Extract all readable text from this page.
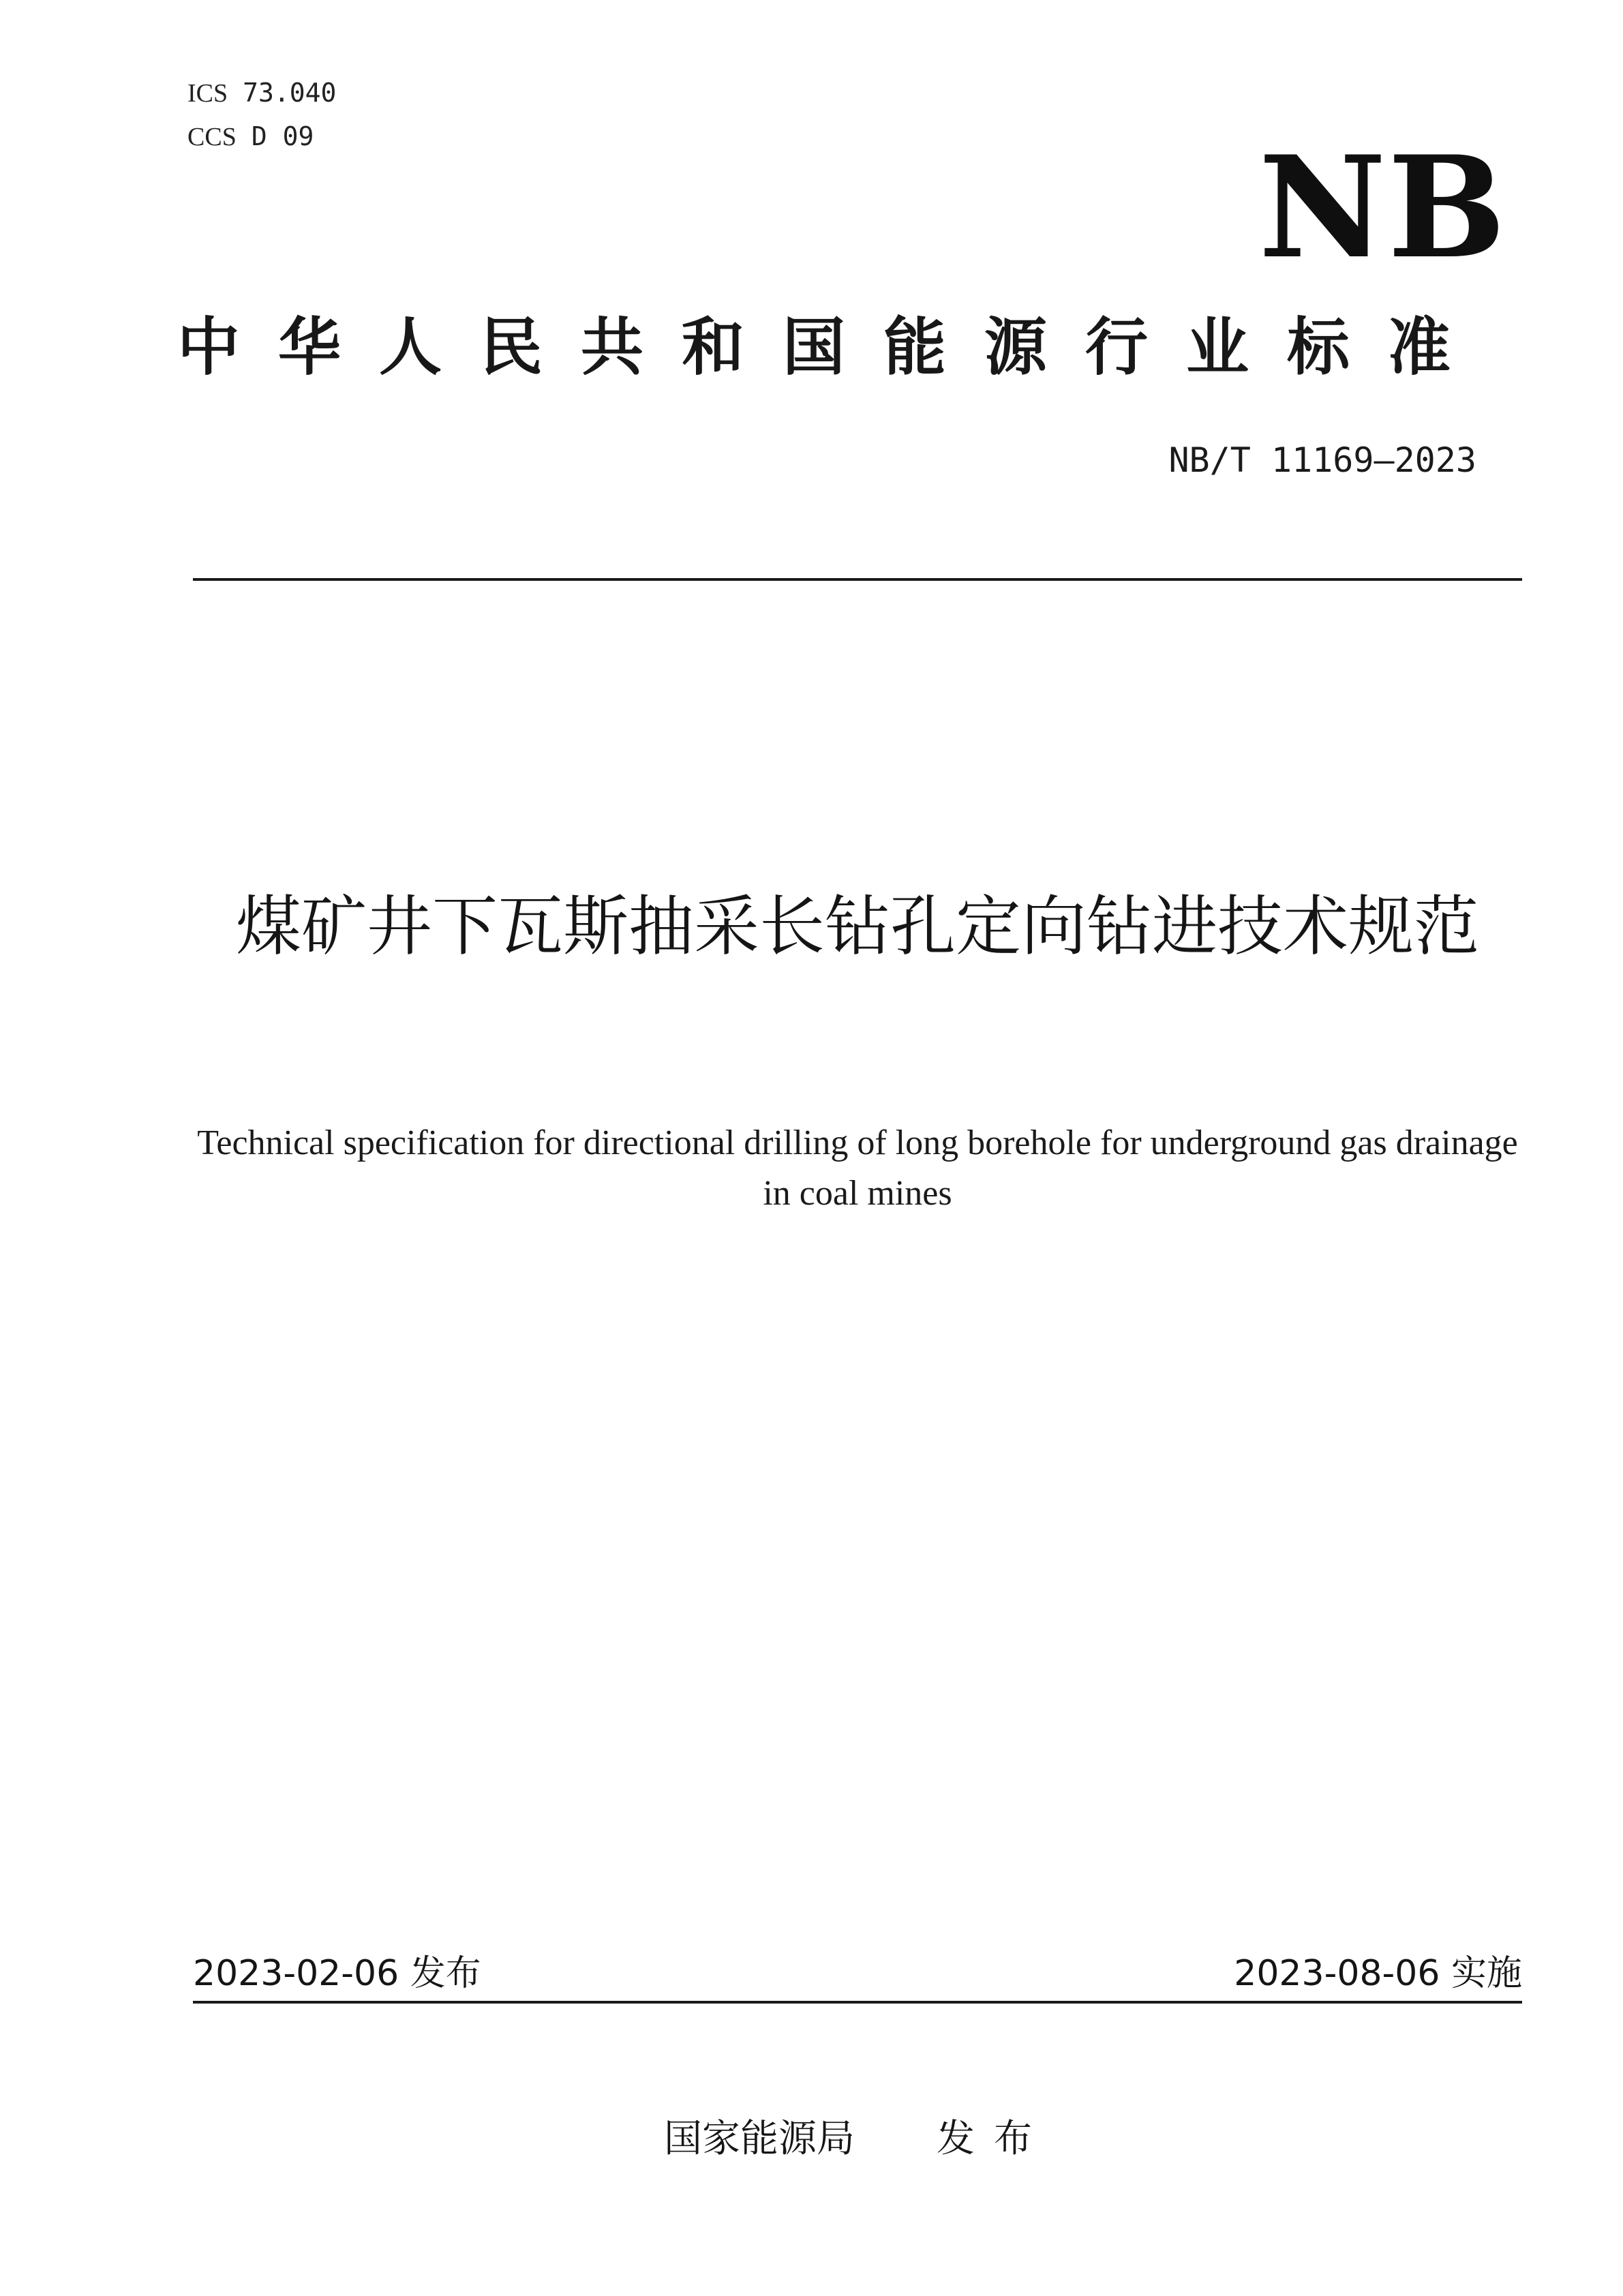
ICS 73.040
CCS D 09	NB
中华人民共和国能源行业标准
NB/T 11169—2023
煤矿井下瓦斯抽采长钻孔定向钻进技术规范
Technical specification for directional drilling of long borehole for underground gas drainage in coal mines
2023-02-06 发布	2023-08-06 实施
国家能源局 发布
